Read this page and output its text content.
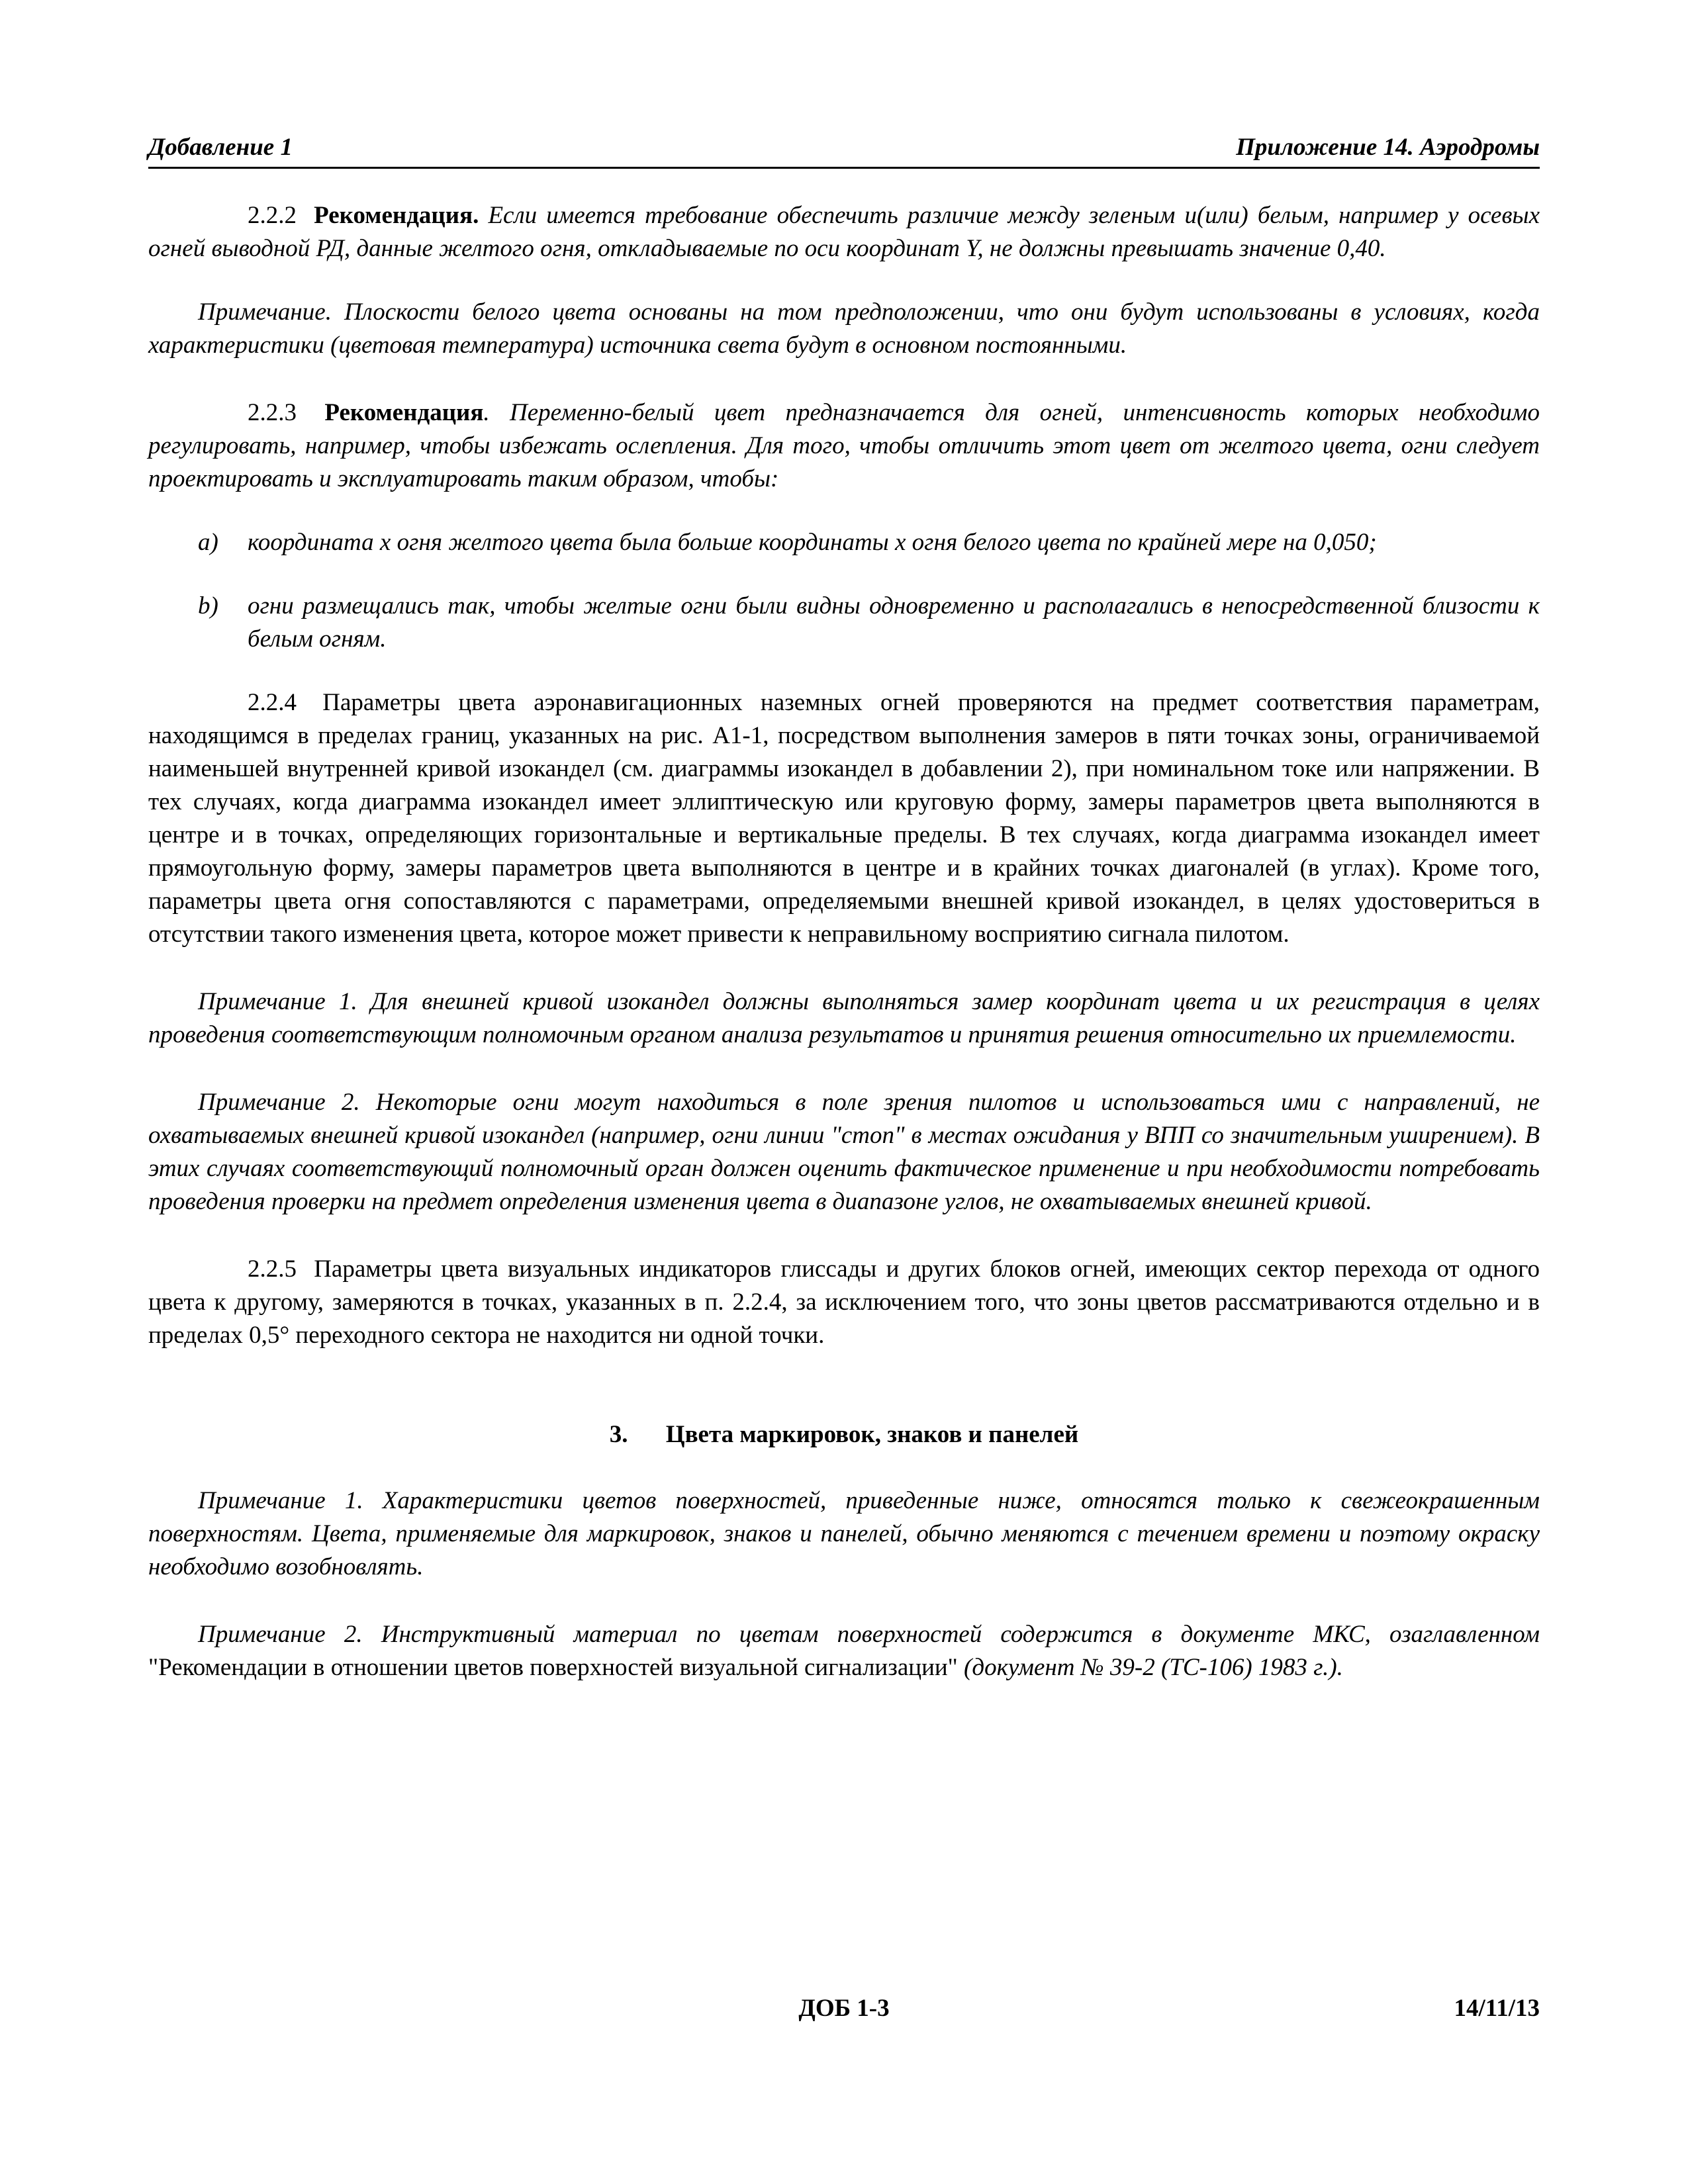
Добавление 1	Приложение 14. Аэродромы

2.2.2 Рекомендация. Если имеется требование обеспечить различие между зеленым и(или) белым, например у осевых огней выводной РД, данные желтого огня, откладываемые по оси координат Y, не должны превышать значение 0,40.

Примечание. Плоскости белого цвета основаны на том предположении, что они будут использованы в условиях, когда характеристики (цветовая температура) источника света будут в основном постоянными.

2.2.3 Рекомендация. Переменно-белый цвет предназначается для огней, интенсивность которых необходимо регулировать, например, чтобы избежать ослепления. Для того, чтобы отличить этот цвет от желтого цвета, огни следует проектировать и эксплуатировать таким образом, чтобы:

a)	координата х огня желтого цвета была больше координаты х огня белого цвета по крайней мере на 0,050;
b)	огни размещались так, чтобы желтые огни были видны одновременно и располагались в непосредственной близости к белым огням.

2.2.4 Параметры цвета аэронавигационных наземных огней проверяются на предмет соответствия параметрам, находящимся в пределах границ, указанных на рис. A1-1, посредством выполнения замеров в пяти точках зоны, ограничиваемой наименьшей внутренней кривой изокандел (см. диаграммы изокандел в добавлении 2), при номинальном токе или напряжении. В тех случаях, когда диаграмма изокандел имеет эллиптическую или круговую форму, замеры параметров цвета выполняются в центре и в точках, определяющих горизонтальные и вертикальные пределы. В тех случаях, когда диаграмма изокандел имеет прямоугольную форму, замеры параметров цвета выполняются в центре и в крайних точках диагоналей (в углах). Кроме того, параметры цвета огня сопоставляются с параметрами, определяемыми внешней кривой изокандел, в целях удостовериться в отсутствии такого изменения цвета, которое может привести к неправильному восприятию сигнала пилотом.

Примечание 1. Для внешней кривой изокандел должны выполняться замер координат цвета и их регистрация в целях проведения соответствующим полномочным органом анализа результатов и принятия решения относительно их приемлемости.

Примечание 2. Некоторые огни могут находиться в поле зрения пилотов и использоваться ими с направлений, не охватываемых внешней кривой изокандел (например, огни линии "стоп" в местах ожидания у ВПП со значительным уширением). В этих случаях соответствующий полномочный орган должен оценить фактическое применение и при необходимости потребовать проведения проверки на предмет определения изменения цвета в диапазоне углов, не охватываемых внешней кривой.

2.2.5 Параметры цвета визуальных индикаторов глиссады и других блоков огней, имеющих сектор перехода от одного цвета к другому, замеряются в точках, указанных в п. 2.2.4, за исключением того, что зоны цветов рассматриваются отдельно и в пределах 0,5° переходного сектора не находится ни одной точки.

3. Цвета маркировок, знаков и панелей

Примечание 1. Характеристики цветов поверхностей, приведенные ниже, относятся только к свежеокрашенным поверхностям. Цвета, применяемые для маркировок, знаков и панелей, обычно меняются с течением времени и поэтому окраску необходимо возобновлять.

Примечание 2. Инструктивный материал по цветам поверхностей содержится в документе МКС, озаглавленном "Рекомендации в отношении цветов поверхностей визуальной сигнализации" (документ № 39-2 (ТС-106) 1983 г.).

ДОБ 1-3	14/11/13
